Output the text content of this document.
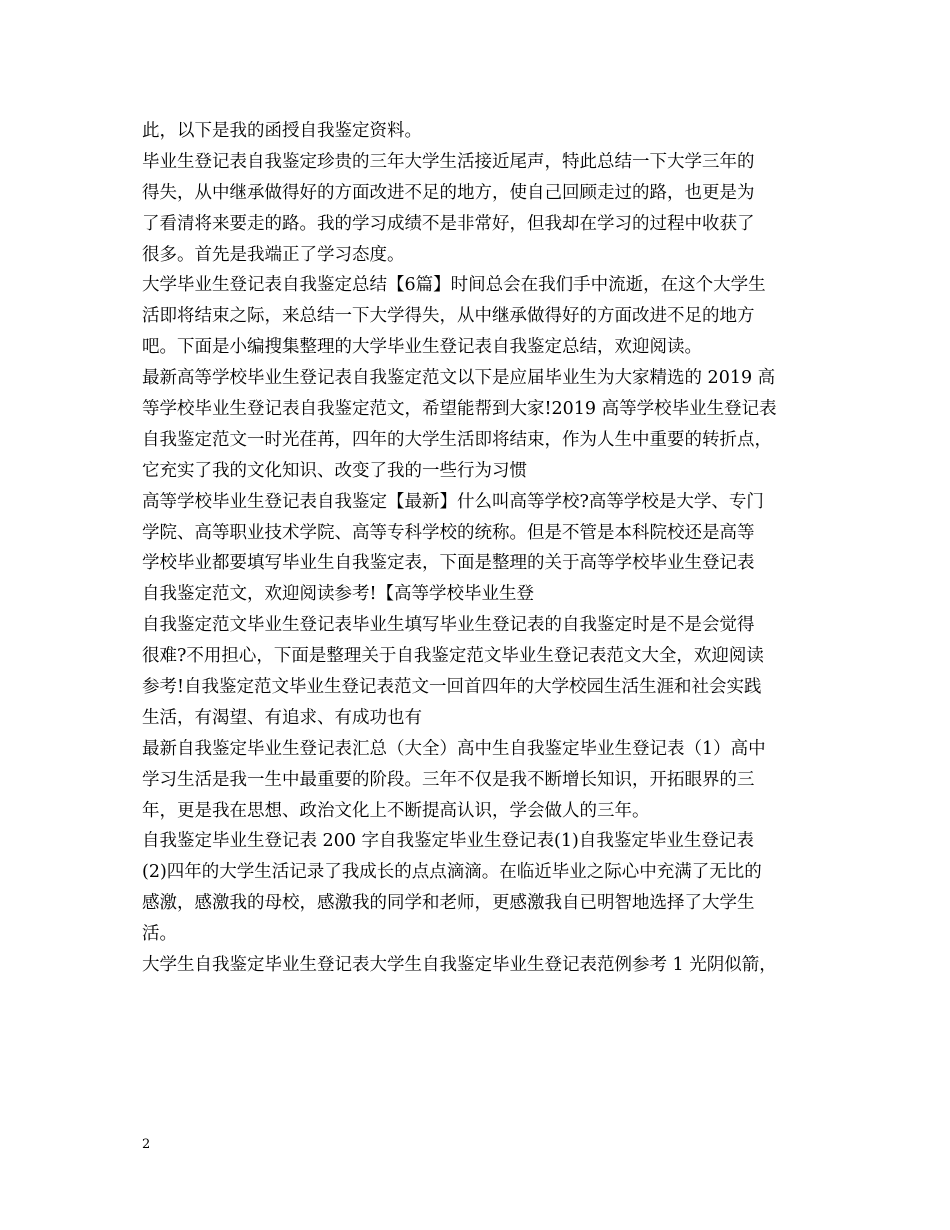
此，以下是我的函授自我鉴定资料。
毕业生登记表自我鉴定珍贵的三年大学生活接近尾声，特此总结一下大学三年的
得失，从中继承做得好的方面改进不足的地方，使自己回顾走过的路，也更是为
了看清将来要走的路。我的学习成绩不是非常好，但我却在学习的过程中收获了
很多。首先是我端正了学习态度。
大学毕业生登记表自我鉴定总结【6篇】时间总会在我们手中流逝，在这个大学生
活即将结束之际，来总结一下大学得失，从中继承做得好的方面改进不足的地方
吧。下面是小编搜集整理的大学毕业生登记表自我鉴定总结，欢迎阅读。
最新高等学校毕业生登记表自我鉴定范文以下是应届毕业生为大家精选的 2019 高
等学校毕业生登记表自我鉴定范文，希望能帮到大家!2019 高等学校毕业生登记表
自我鉴定范文一时光荏苒，四年的大学生活即将结束，作为人生中重要的转折点，
它充实了我的文化知识、改变了我的一些行为习惯
高等学校毕业生登记表自我鉴定【最新】什么叫高等学校?高等学校是大学、专门
学院、高等职业技术学院、高等专科学校的统称。但是不管是本科院校还是高等
学校毕业都要填写毕业生自我鉴定表，下面是整理的关于高等学校毕业生登记表
自我鉴定范文，欢迎阅读参考!【高等学校毕业生登
自我鉴定范文毕业生登记表毕业生填写毕业生登记表的自我鉴定时是不是会觉得
很难?不用担心，下面是整理关于自我鉴定范文毕业生登记表范文大全，欢迎阅读
参考!自我鉴定范文毕业生登记表范文一回首四年的大学校园生活生涯和社会实践
生活，有渴望、有追求、有成功也有
最新自我鉴定毕业生登记表汇总（大全）高中生自我鉴定毕业生登记表（1）高中
学习生活是我一生中最重要的阶段。三年不仅是我不断增长知识，开拓眼界的三
年，更是我在思想、政治文化上不断提高认识，学会做人的三年。
自我鉴定毕业生登记表 200 字自我鉴定毕业生登记表(1)自我鉴定毕业生登记表
(2)四年的大学生活记录了我成长的点点滴滴。在临近毕业之际心中充满了无比的
感激，感激我的母校，感激我的同学和老师，更感激我自已明智地选择了大学生
活。
大学生自我鉴定毕业生登记表大学生自我鉴定毕业生登记表范例参考 1 光阴似箭，
2
